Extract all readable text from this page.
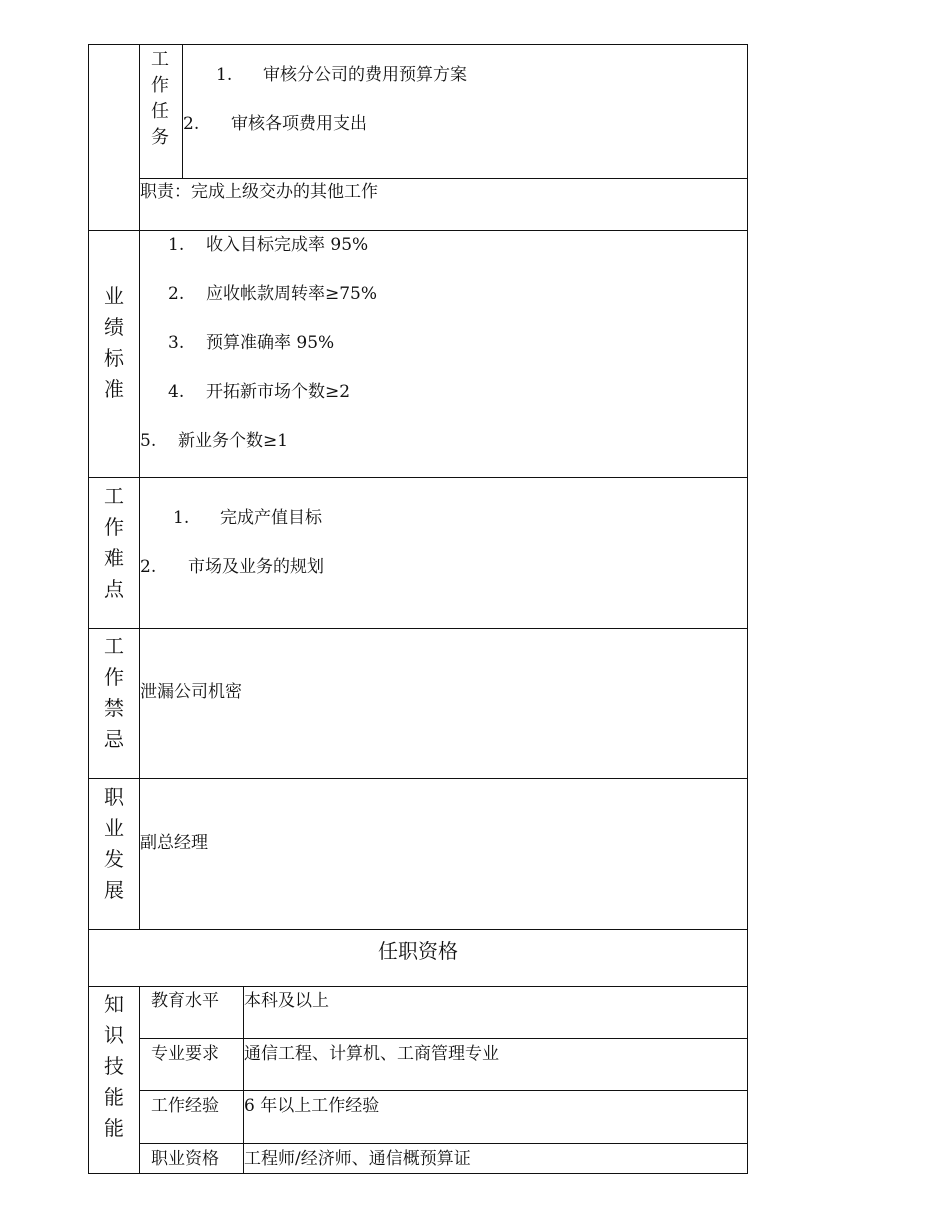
工
作
任
务
1. 审核分公司的费用预算方案
2. 审核各项费用支出
职责：完成上级交办的其他工作
业
绩
标
准
1. 收入目标完成率 95%
2. 应收帐款周转率≥75%
3. 预算准确率 95%
4. 开拓新市场个数≥2
5. 新业务个数≥1
工
作
难
点
1. 完成产值目标
2. 市场及业务的规划
工
作
禁
忌
泄漏公司机密
职
业
发
展
副总经理
任职资格
知
识
技
能
能
教育水平 本科及以上
专业要求 通信工程、计算机、工商管理专业
工作经验 6 年以上工作经验
职业资格 工程师/经济师、通信概预算证
